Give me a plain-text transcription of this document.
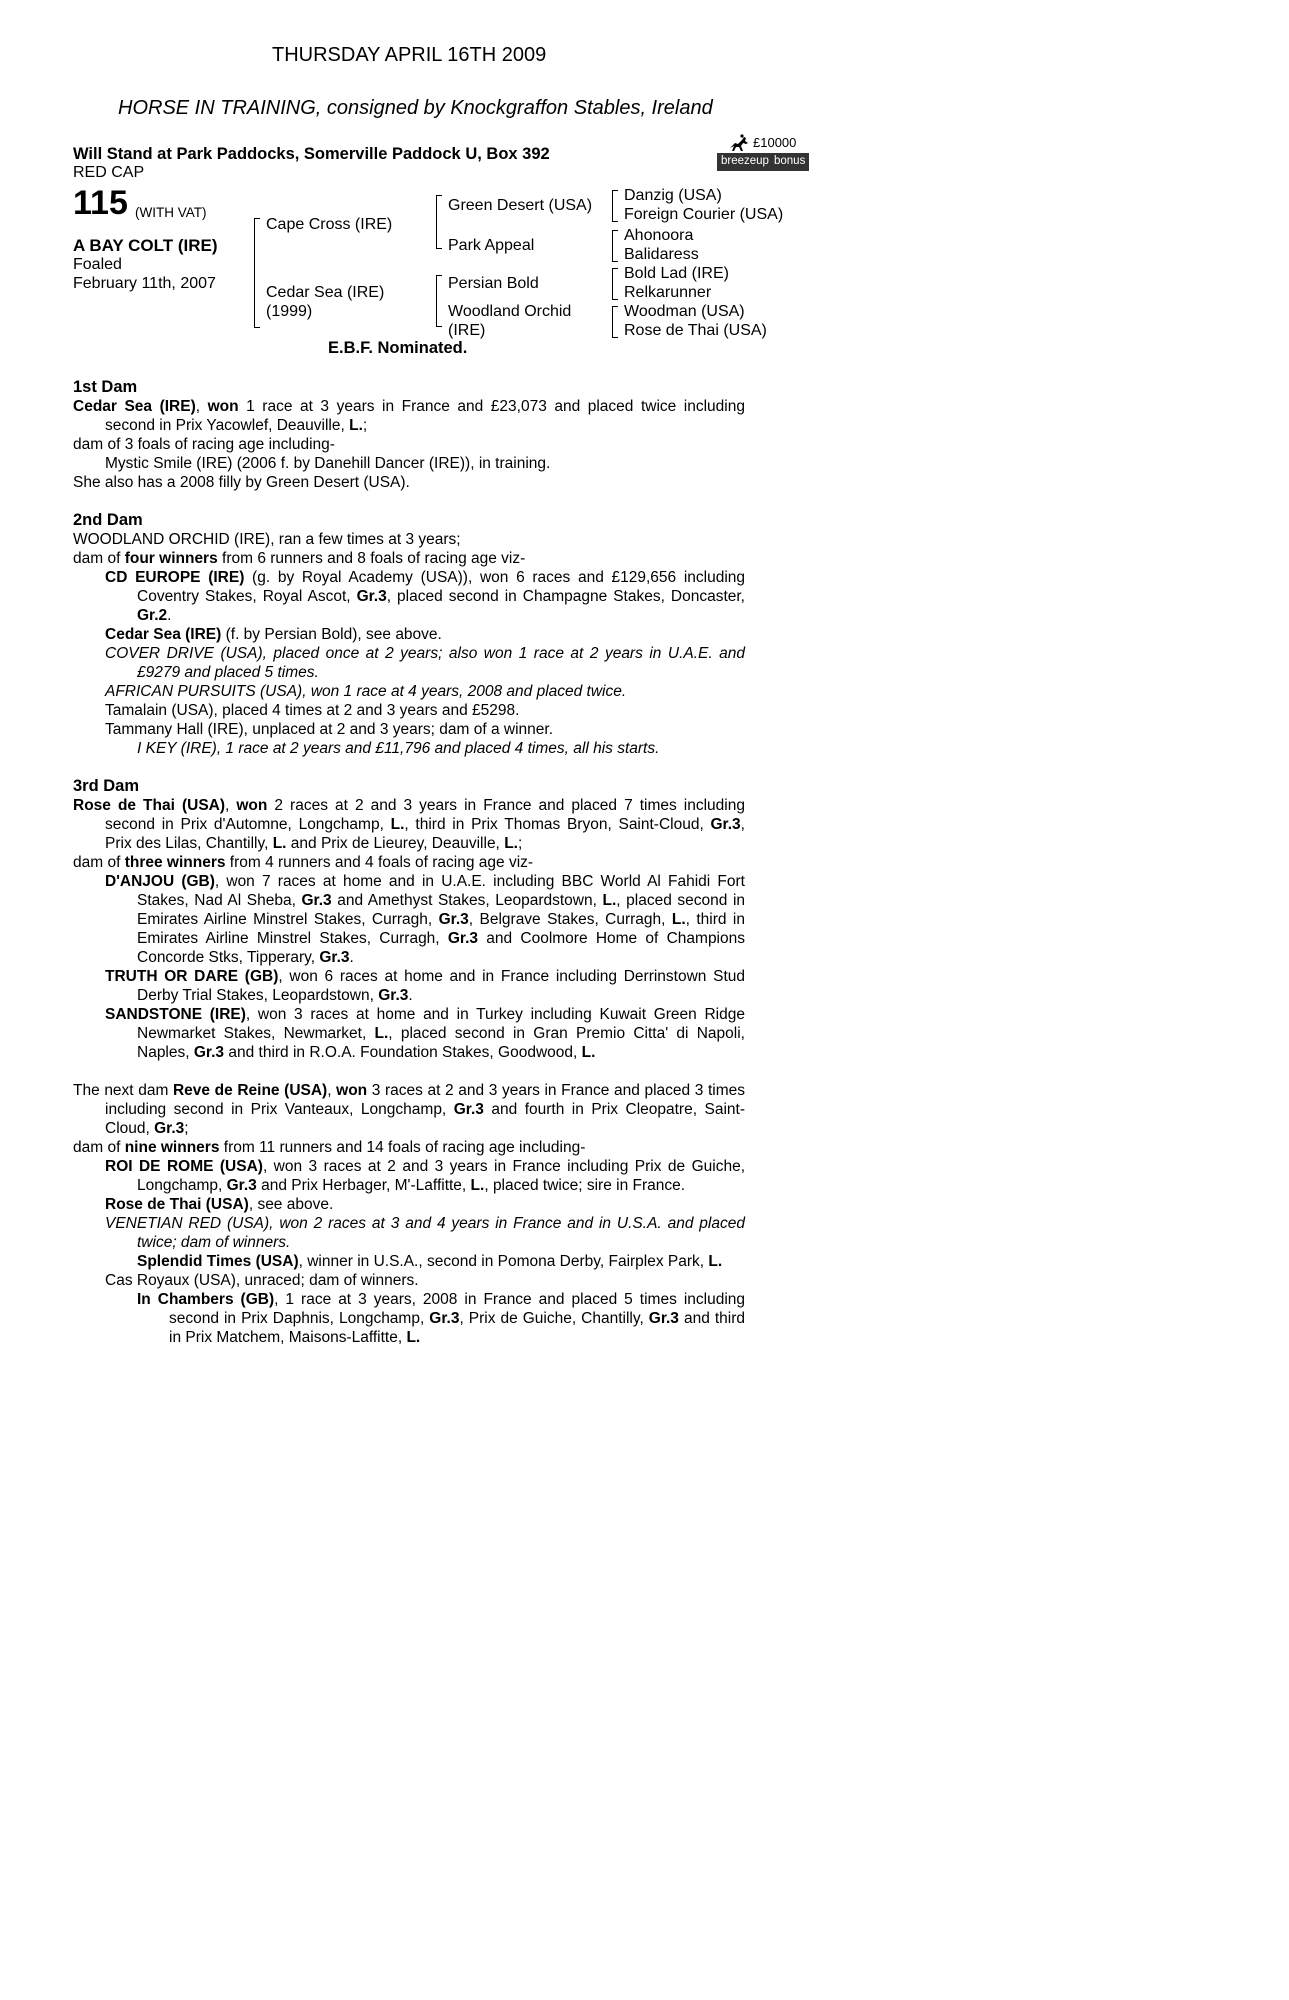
THURSDAY APRIL 16TH 2009
HORSE IN TRAINING, consigned by Knockgraffon Stables, Ireland
Will Stand at Park Paddocks, Somerville Paddock U, Box 392
RED CAP
£10000
breezeup bonus
115 (WITH VAT)
A BAY COLT (IRE)
Foaled
February 11th, 2007
Cape Cross (IRE)
Cedar Sea (IRE)
(1999)
Green Desert (USA)
Park Appeal
Persian Bold
Woodland Orchid
(IRE)
Danzig (USA)
Foreign Courier (USA)
Ahonoora
Balidaress
Bold Lad (IRE)
Relkarunner
Woodman (USA)
Rose de Thai (USA)
E.B.F. Nominated.
1st Dam
Cedar Sea (IRE), won 1 race at 3 years in France and £23,073 and placed twice including second in Prix Yacowlef, Deauville, L.;
dam of 3 foals of racing age including-
Mystic Smile (IRE) (2006 f. by Danehill Dancer (IRE)), in training.
She also has a 2008 filly by Green Desert (USA).
2nd Dam
WOODLAND ORCHID (IRE), ran a few times at 3 years;
dam of four winners from 6 runners and 8 foals of racing age viz-
CD EUROPE (IRE) (g. by Royal Academy (USA)), won 6 races and £129,656 including Coventry Stakes, Royal Ascot, Gr.3, placed second in Champagne Stakes, Doncaster, Gr.2.
Cedar Sea (IRE) (f. by Persian Bold), see above.
COVER DRIVE (USA), placed once at 2 years; also won 1 race at 2 years in U.A.E. and £9279 and placed 5 times.
AFRICAN PURSUITS (USA), won 1 race at 4 years, 2008 and placed twice.
Tamalain (USA), placed 4 times at 2 and 3 years and £5298.
Tammany Hall (IRE), unplaced at 2 and 3 years; dam of a winner.
I KEY (IRE), 1 race at 2 years and £11,796 and placed 4 times, all his starts.
3rd Dam
Rose de Thai (USA), won 2 races at 2 and 3 years in France and placed 7 times including second in Prix d'Automne, Longchamp, L., third in Prix Thomas Bryon, Saint-Cloud, Gr.3, Prix des Lilas, Chantilly, L. and Prix de Lieurey, Deauville, L.;
dam of three winners from 4 runners and 4 foals of racing age viz-
D'ANJOU (GB), won 7 races at home and in U.A.E. including BBC World Al Fahidi Fort Stakes, Nad Al Sheba, Gr.3 and Amethyst Stakes, Leopardstown, L., placed second in Emirates Airline Minstrel Stakes, Curragh, Gr.3, Belgrave Stakes, Curragh, L., third in Emirates Airline Minstrel Stakes, Curragh, Gr.3 and Coolmore Home of Champions Concorde Stks, Tipperary, Gr.3.
TRUTH OR DARE (GB), won 6 races at home and in France including Derrinstown Stud Derby Trial Stakes, Leopardstown, Gr.3.
SANDSTONE (IRE), won 3 races at home and in Turkey including Kuwait Green Ridge Newmarket Stakes, Newmarket, L., placed second in Gran Premio Citta' di Napoli, Naples, Gr.3 and third in R.O.A. Foundation Stakes, Goodwood, L.
The next dam Reve de Reine (USA), won 3 races at 2 and 3 years in France and placed 3 times including second in Prix Vanteaux, Longchamp, Gr.3 and fourth in Prix Cleopatre, Saint-Cloud, Gr.3;
dam of nine winners from 11 runners and 14 foals of racing age including-
ROI DE ROME (USA), won 3 races at 2 and 3 years in France including Prix de Guiche, Longchamp, Gr.3 and Prix Herbager, M'-Laffitte, L., placed twice; sire in France.
Rose de Thai (USA), see above.
VENETIAN RED (USA), won 2 races at 3 and 4 years in France and in U.S.A. and placed twice; dam of winners.
Splendid Times (USA), winner in U.S.A., second in Pomona Derby, Fairplex Park, L.
Cas Royaux (USA), unraced; dam of winners.
In Chambers (GB), 1 race at 3 years, 2008 in France and placed 5 times including second in Prix Daphnis, Longchamp, Gr.3, Prix de Guiche, Chantilly, Gr.3 and third in Prix Matchem, Maisons-Laffitte, L.
